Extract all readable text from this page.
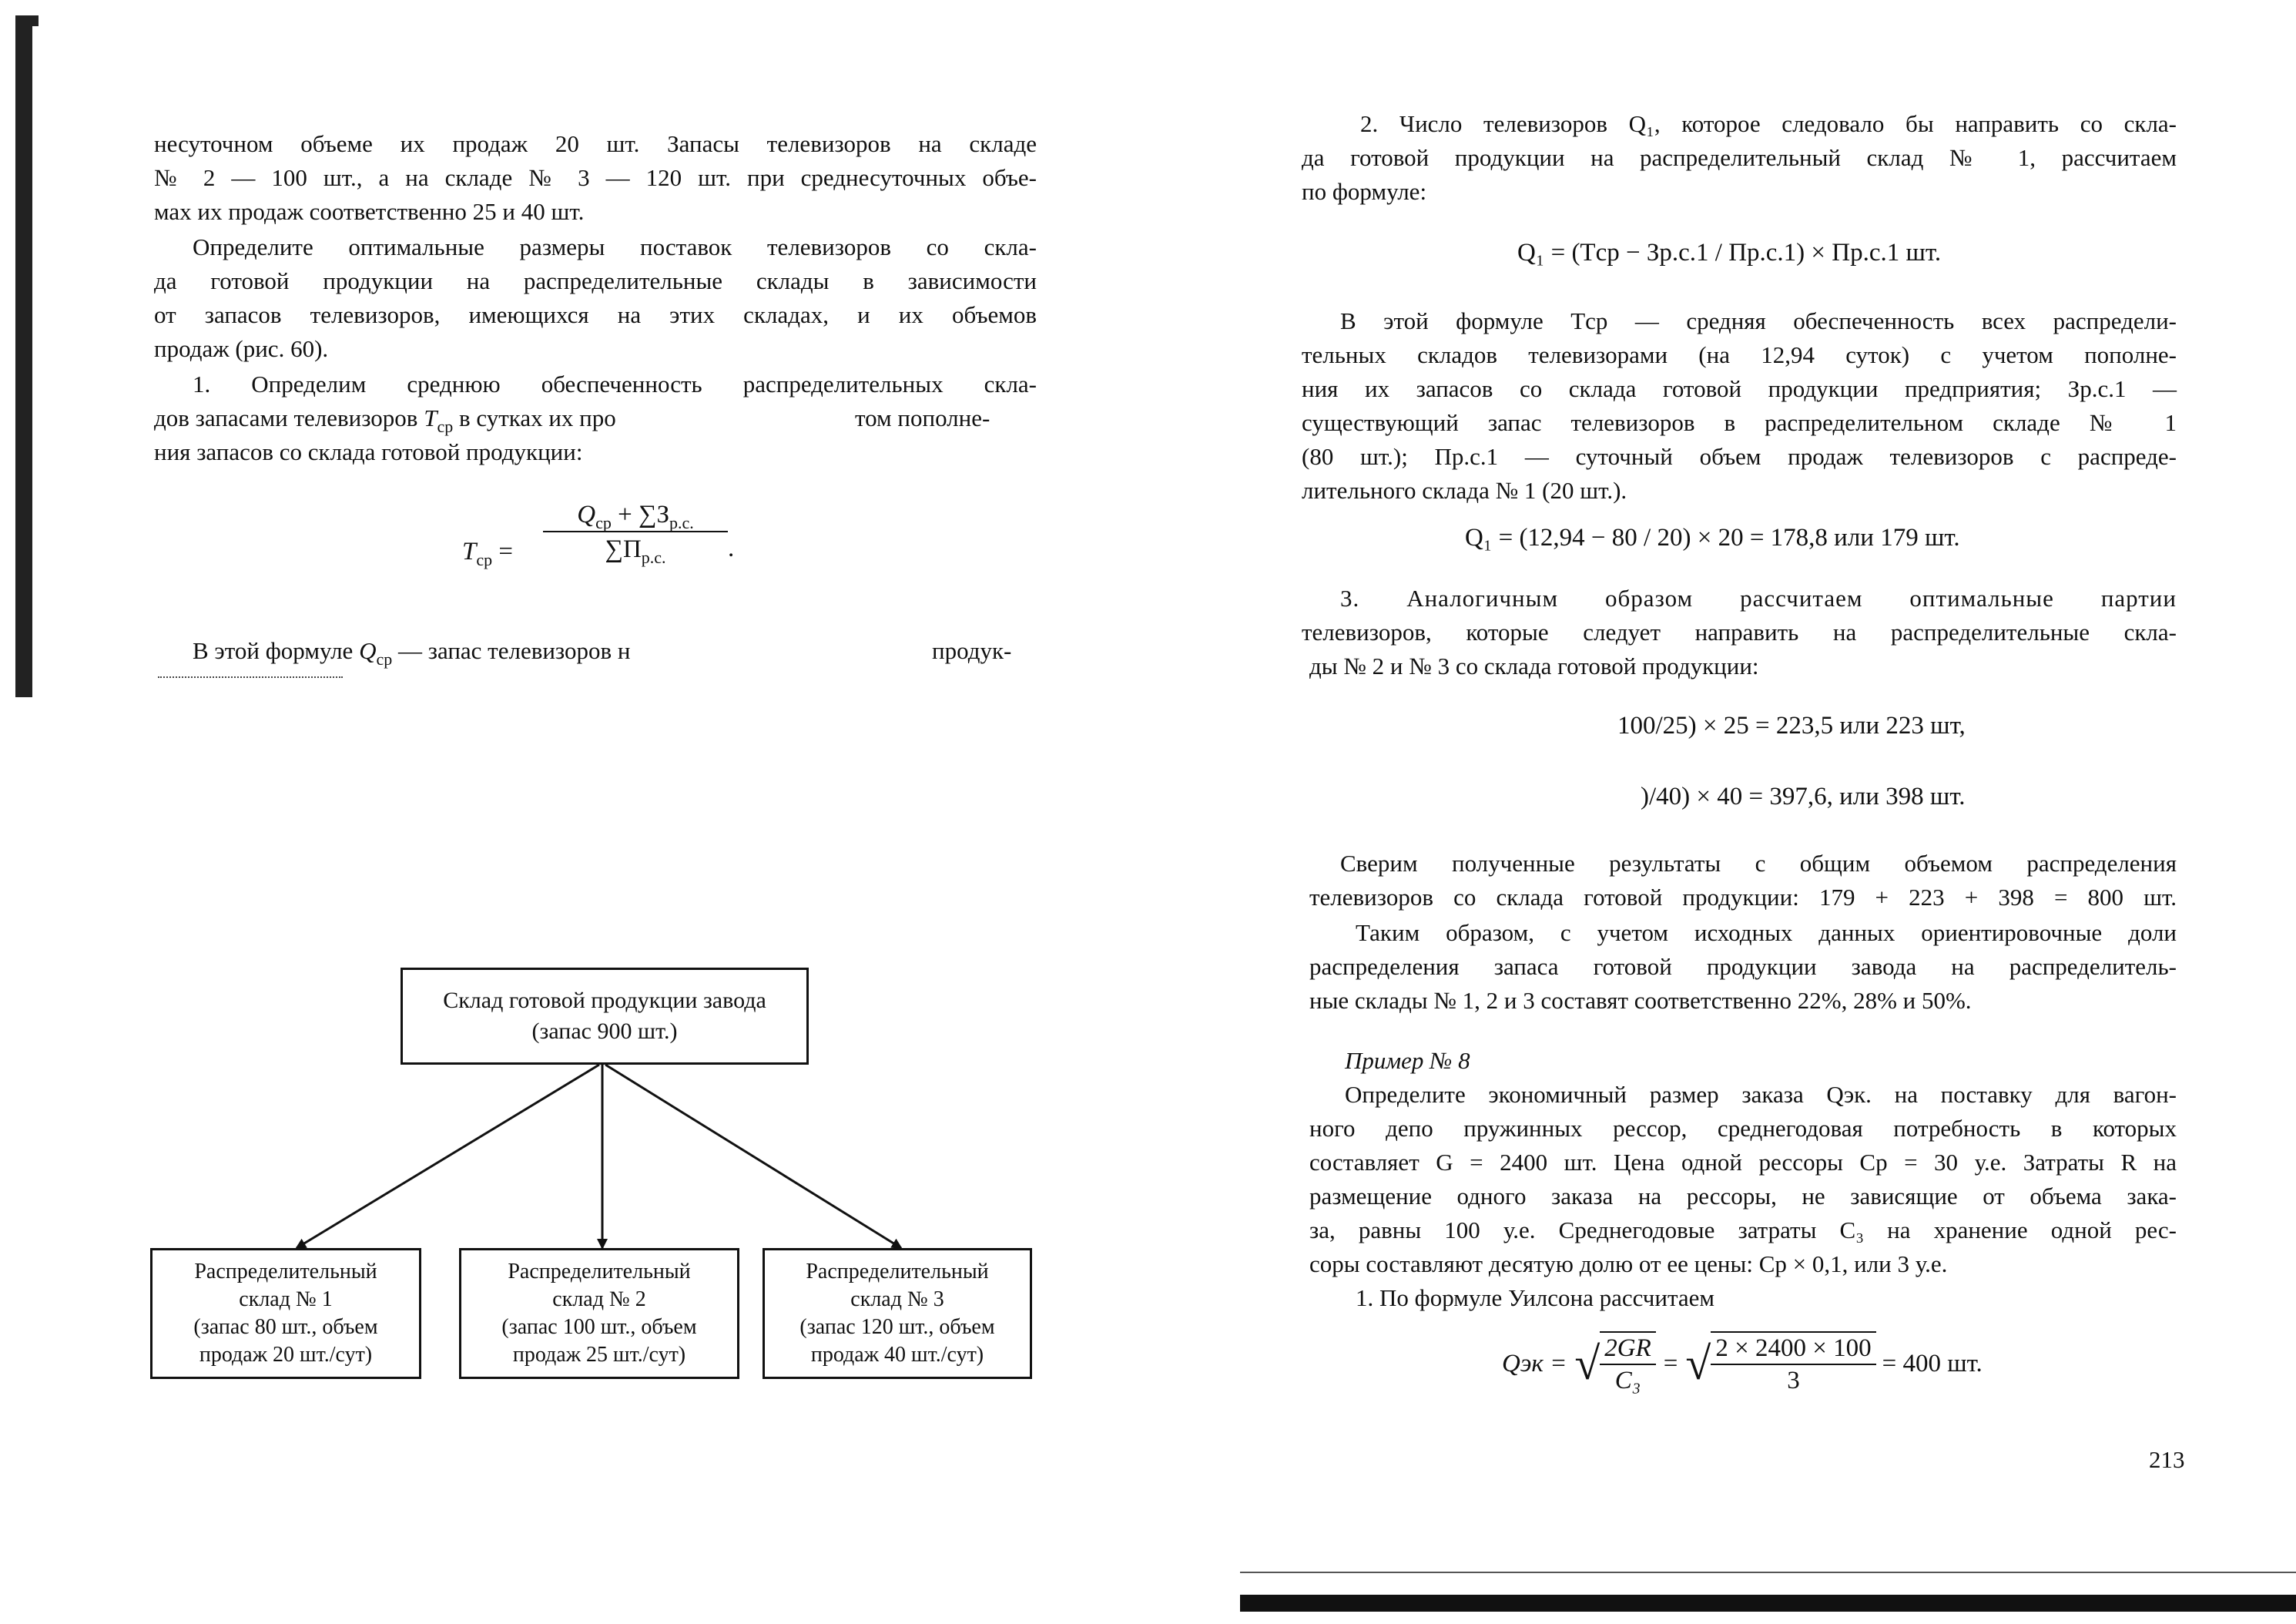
несуточном объеме их продаж 20 шт. Запасы телевизоров на складе
№ 2 — 100 шт., а на складе № 3 — 120 шт. при среднесуточных объе-
мах их продаж соответственно 25 и 40 шт.
Определите оптимальные размеры поставок телевизоров со скла-
да готовой продукции на распределительные склады в зависимости
от запасов телевизоров, имеющихся на этих складах, и их объемов
продаж (рис. 60).
1. Определим среднюю обеспеченность распределительных скла-
дов запасами телевизоров $T_{ср}$ в сутках их про	том пополне-
ния запасов со склада готовой продукции:
$T_{ср}$ =
$Q_{ср} + \sum З_{р.с.}$
$\sum П_{р.с.}$	.
В этой формуле $Q_{ср}$ — запас телевизоров н	продук-
Склад готовой продукции завода
(запас 900 шт.)
Распределительный
склад № 1
(запас 80 шт., объем
продаж 20 шт./сут)
Распределительный
склад № 2
(запас 100 шт., объем
продаж 25 шт./сут)
Распределительный
склад № 3
(запас 120 шт., объем
продаж 40 шт./сут)
2. Число телевизоров Q₁, которое следовало бы направить со скла-
да готовой продукции на распределительный склад № 1, рассчитаем
по формуле:
Q₁ = (Tср − Зр.с.1 / Пр.с.1) × Пр.с.1 шт.
В этой формуле Tср — средняя обеспеченность всех распредели-
тельных складов телевизорами (на 12,94 суток) с учетом пополне-
ния их запасов со склада готовой продукции предприятия; Зр.с.1 —
существующий запас телевизоров в распределительном складе № 1
(80 шт.); Пр.с.1 — суточный объем продаж телевизоров с распреде-
лительного склада № 1 (20 шт.).
Q₁ = (12,94 − 80 / 20) × 20 = 178,8 или 179 шт.
3. Аналогичным образом рассчитаем оптимальные партии
телевизоров, которые следует направить на распределительные скла-
ды № 2 и № 3 со склада готовой продукции:
100/25) × 25 = 223,5 или 223 шт,
)/40) × 40 = 397,6, или 398 шт.
Сверим полученные результаты с общим объемом распределения
телевизоров со склада готовой продукции: 179 + 223 + 398 = 800 шт.
Таким образом, с учетом исходных данных ориентировочные доли
распределения запаса готовой продукции завода на распределитель-
ные склады № 1, 2 и 3 составят соответственно 22%, 28% и 50%.
Пример № 8
Определите экономичный размер заказа Qэк. на поставку для вагон-
ного депо пружинных рессор, среднегодовая потребность в которых
составляет G = 2400 шт. Цена одной рессоры Cр = 30 у.е. Затраты R на
размещение одного заказа на рессоры, не зависящие от объема зака-
за, равны 100 у.е. Среднегодовые затраты C₃ на хранение одной рес-
соры составляют десятую долю от ее цены: Cр × 0,1, или 3 у.е.
1. По формуле Уилсона рассчитаем
Qэк = √ $\frac{2GR}{\text{C₃}}$ = √ $\frac{2 \times 2400 \times 100}{3} = 400$ шт.
213
